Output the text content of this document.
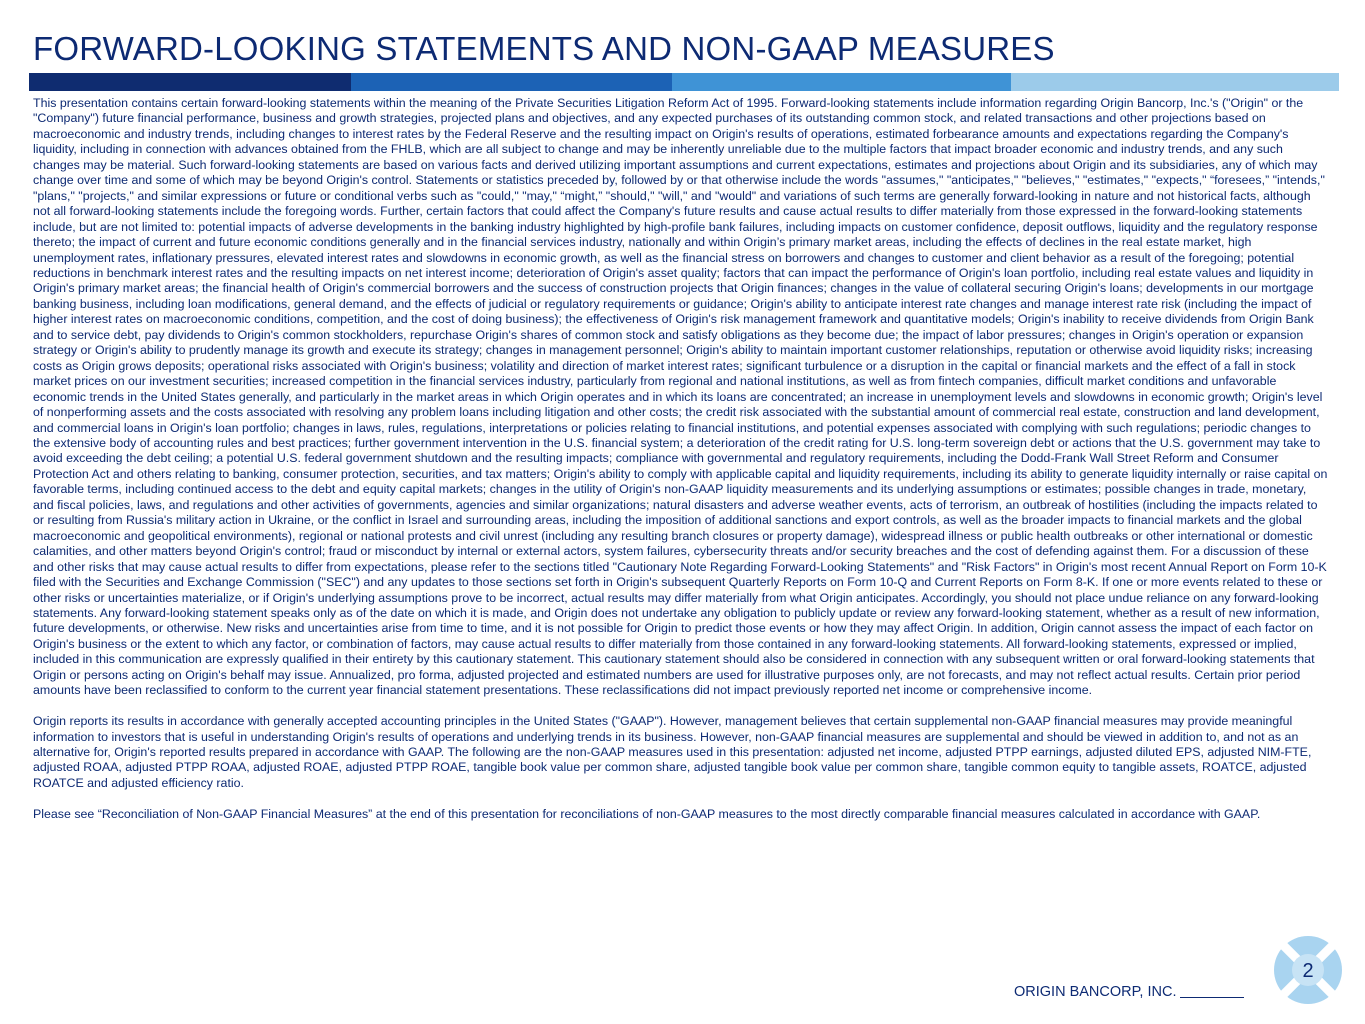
FORWARD-LOOKING STATEMENTS AND NON-GAAP MEASURES

This presentation contains certain forward-looking statements within the meaning of the Private Securities Litigation Reform Act of 1995. Forward-looking statements include information regarding Origin Bancorp, Inc.'s ("Origin" or the "Company") future financial performance, business and growth strategies, projected plans and objectives, and any expected purchases of its outstanding common stock, and related transactions and other projections based on macroeconomic and industry trends, including changes to interest rates by the Federal Reserve and the resulting impact on Origin's results of operations, estimated forbearance amounts and expectations regarding the Company's liquidity, including in connection with advances obtained from the FHLB, which are all subject to change and may be inherently unreliable due to the multiple factors that impact broader economic and industry trends, and any such changes may be material. Such forward-looking statements are based on various facts and derived utilizing important assumptions and current expectations, estimates and projections about Origin and its subsidiaries, any of which may change over time and some of which may be beyond Origin's control. Statements or statistics preceded by, followed by or that otherwise include the words "assumes," "anticipates," "believes," "estimates," "expects," “foresees,” "intends," "plans," "projects," and similar expressions or future or conditional verbs such as "could," "may," “might,” "should," "will," and "would" and variations of such terms are generally forward-looking in nature and not historical facts, although not all forward-looking statements include the foregoing words. Further, certain factors that could affect the Company's future results and cause actual results to differ materially from those expressed in the forward-looking statements include, but are not limited to: potential impacts of adverse developments in the banking industry highlighted by high-profile bank failures, including impacts on customer confidence, deposit outflows, liquidity and the regulatory response thereto; the impact of current and future economic conditions generally and in the financial services industry, nationally and within Origin’s primary market areas, including the effects of declines in the real estate market, high unemployment rates, inflationary pressures, elevated interest rates and slowdowns in economic growth, as well as the financial stress on borrowers and changes to customer and client behavior as a result of the foregoing; potential reductions in benchmark interest rates and the resulting impacts on net interest income; deterioration of Origin's asset quality; factors that can impact the performance of Origin's loan portfolio, including real estate values and liquidity in Origin's primary market areas; the financial health of Origin's commercial borrowers and the success of construction projects that Origin finances; changes in the value of collateral securing Origin's loans; developments in our mortgage banking business, including loan modifications, general demand, and the effects of judicial or regulatory requirements or guidance; Origin's ability to anticipate interest rate changes and manage interest rate risk (including the impact of higher interest rates on macroeconomic conditions, competition, and the cost of doing business); the effectiveness of Origin's risk management framework and quantitative models; Origin's inability to receive dividends from Origin Bank and to service debt, pay dividends to Origin's common stockholders, repurchase Origin's shares of common stock and satisfy obligations as they become due; the impact of labor pressures; changes in Origin's operation or expansion strategy or Origin's ability to prudently manage its growth and execute its strategy; changes in management personnel; Origin's ability to maintain important customer relationships, reputation or otherwise avoid liquidity risks; increasing costs as Origin grows deposits; operational risks associated with Origin's business; volatility and direction of market interest rates; significant turbulence or a disruption in the capital or financial markets and the effect of a fall in stock market prices on our investment securities; increased competition in the financial services industry, particularly from regional and national institutions, as well as from fintech companies, difficult market conditions and unfavorable economic trends in the United States generally, and particularly in the market areas in which Origin operates and in which its loans are concentrated; an increase in unemployment levels and slowdowns in economic growth; Origin's level of nonperforming assets and the costs associated with resolving any problem loans including litigation and other costs; the credit risk associated with the substantial amount of commercial real estate, construction and land development, and commercial loans in Origin's loan portfolio; changes in laws, rules, regulations, interpretations or policies relating to financial institutions, and potential expenses associated with complying with such regulations; periodic changes to the extensive body of accounting rules and best practices; further government intervention in the U.S. financial system; a deterioration of the credit rating for U.S. long-term sovereign debt or actions that the U.S. government may take to avoid exceeding the debt ceiling; a potential U.S. federal government shutdown and the resulting impacts; compliance with governmental and regulatory requirements, including the Dodd-Frank Wall Street Reform and Consumer Protection Act and others relating to banking, consumer protection, securities, and tax matters; Origin's ability to comply with applicable capital and liquidity requirements, including its ability to generate liquidity internally or raise capital on favorable terms, including continued access to the debt and equity capital markets; changes in the utility of Origin's non-GAAP liquidity measurements and its underlying assumptions or estimates; possible changes in trade, monetary, and fiscal policies, laws, and regulations and other activities of governments, agencies and similar organizations; natural disasters and adverse weather events, acts of terrorism, an outbreak of hostilities (including the impacts related to or resulting from Russia's military action in Ukraine, or the conflict in Israel and surrounding areas, including the imposition of additional sanctions and export controls, as well as the broader impacts to financial markets and the global macroeconomic and geopolitical environments), regional or national protests and civil unrest (including any resulting branch closures or property damage), widespread illness or public health outbreaks or other international or domestic calamities, and other matters beyond Origin's control; fraud or misconduct by internal or external actors, system failures, cybersecurity threats and/or security breaches and the cost of defending against them. For a discussion of these and other risks that may cause actual results to differ from expectations, please refer to the sections titled "Cautionary Note Regarding Forward-Looking Statements" and "Risk Factors" in Origin's most recent Annual Report on Form 10-K filed with the Securities and Exchange Commission ("SEC") and any updates to those sections set forth in Origin's subsequent Quarterly Reports on Form 10-Q and Current Reports on Form 8-K. If one or more events related to these or other risks or uncertainties materialize, or if Origin's underlying assumptions prove to be incorrect, actual results may differ materially from what Origin anticipates. Accordingly, you should not place undue reliance on any forward-looking statements. Any forward-looking statement speaks only as of the date on which it is made, and Origin does not undertake any obligation to publicly update or review any forward-looking statement, whether as a result of new information, future developments, or otherwise. New risks and uncertainties arise from time to time, and it is not possible for Origin to predict those events or how they may affect Origin. In addition, Origin cannot assess the impact of each factor on Origin's business or the extent to which any factor, or combination of factors, may cause actual results to differ materially from those contained in any forward-looking statements. All forward-looking statements, expressed or implied, included in this communication are expressly qualified in their entirety by this cautionary statement. This cautionary statement should also be considered in connection with any subsequent written or oral forward-looking statements that Origin or persons acting on Origin's behalf may issue. Annualized, pro forma, adjusted projected and estimated numbers are used for illustrative purposes only, are not forecasts, and may not reflect actual results. Certain prior period amounts have been reclassified to conform to the current year financial statement presentations. These reclassifications did not impact previously reported net income or comprehensive income.

Origin reports its results in accordance with generally accepted accounting principles in the United States ("GAAP"). However, management believes that certain supplemental non-GAAP financial measures may provide meaningful information to investors that is useful in understanding Origin's results of operations and underlying trends in its business. However, non-GAAP financial measures are supplemental and should be viewed in addition to, and not as an alternative for, Origin's reported results prepared in accordance with GAAP. The following are the non-GAAP measures used in this presentation: adjusted net income, adjusted PTPP earnings, adjusted diluted EPS, adjusted NIM-FTE, adjusted ROAA, adjusted PTPP ROAA, adjusted ROAE, adjusted PTPP ROAE, tangible book value per common share, adjusted tangible book value per common share, tangible common equity to tangible assets, ROATCE, adjusted ROATCE and adjusted efficiency ratio.

Please see “Reconciliation of Non-GAAP Financial Measures” at the end of this presentation for reconciliations of non-GAAP measures to the most directly comparable financial measures calculated in accordance with GAAP.

ORIGIN BANCORP, INC.
2
